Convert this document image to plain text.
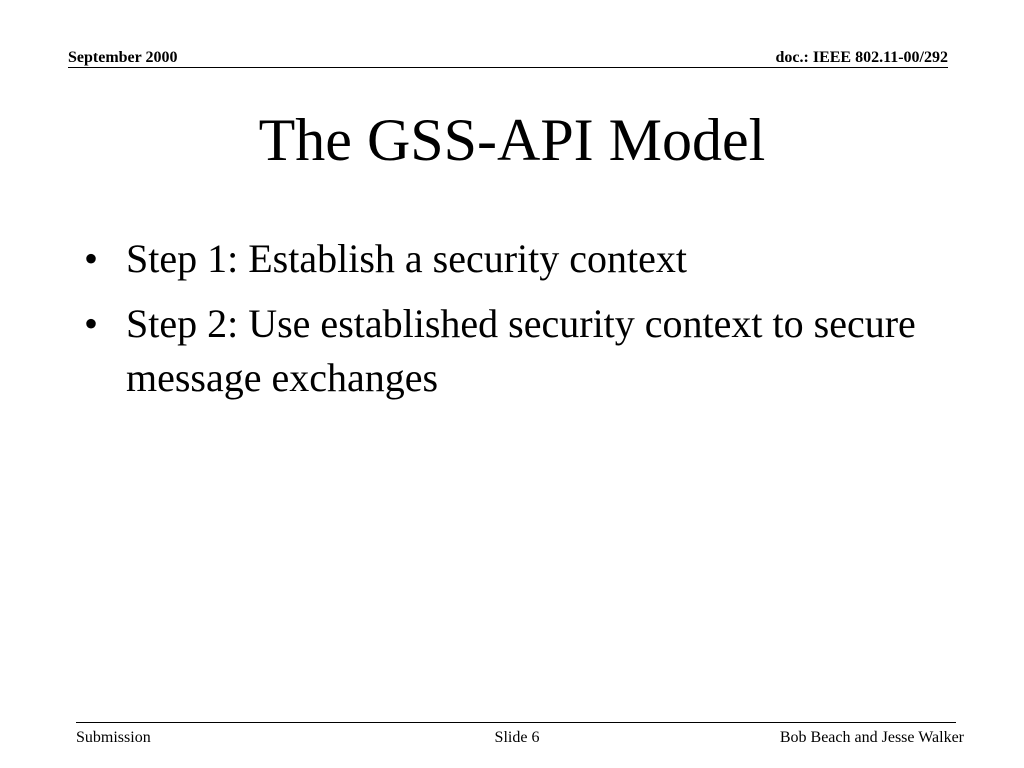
September 2000	doc.: IEEE 802.11-00/292
The GSS-API Model
• Step 1: Establish a security context
• Step 2: Use established security context to secure message exchanges
Submission	Slide 6	Bob Beach and Jesse Walker
